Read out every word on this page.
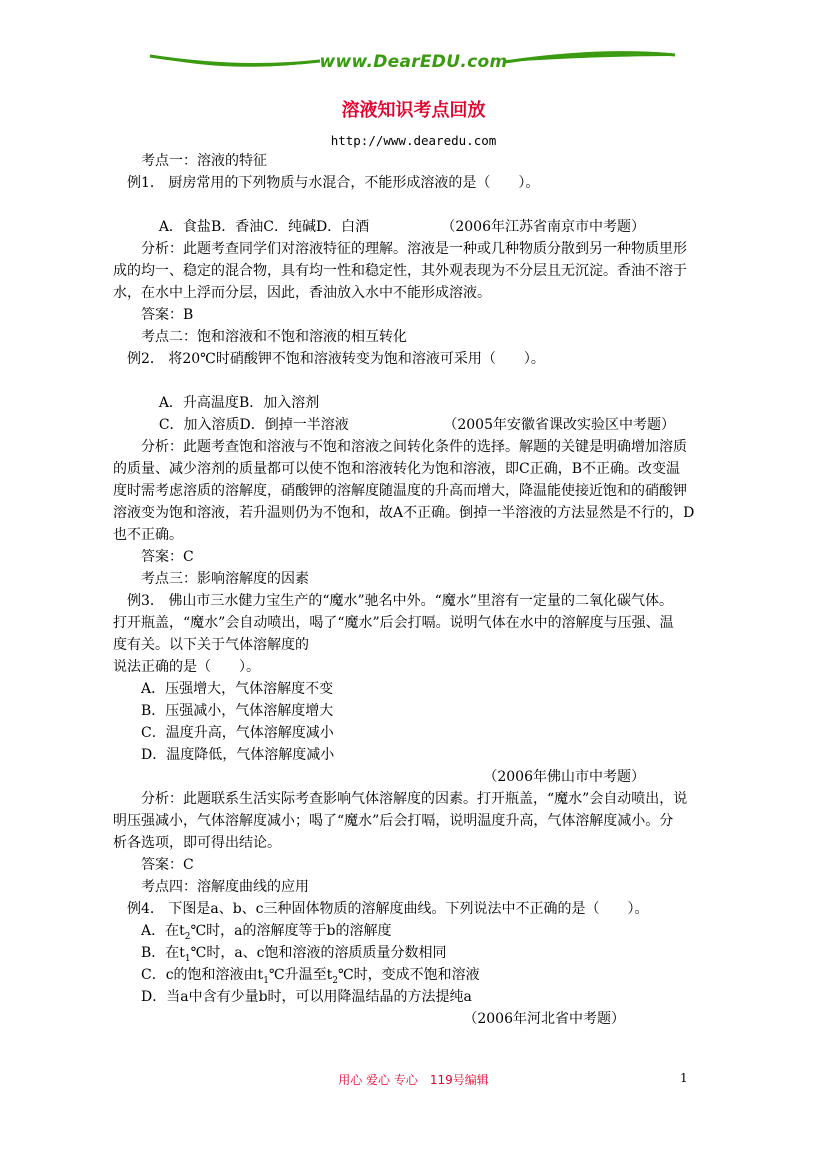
www.DearEDU.com
溶液知识考点回放
http://www.dearedu.com
考点一：溶液的特征
例1． 厨房常用的下列物质与水混合，不能形成溶液的是（　　）。

A．食盐B．香油C．纯碱D．白酒
	（2006年江苏省南京市中考题）
分析：此题考查同学们对溶液特征的理解。溶液是一种或几种物质分散到另一种物质里形
成的均一、稳定的混合物，具有均一性和稳定性，其外观表现为不分层且无沉淀。香油不溶于
水，在水中上浮而分层，因此，香油放入水中不能形成溶液。
答案：B
考点二：饱和溶液和不饱和溶液的相互转化
例2． 将20℃时硝酸钾不饱和溶液转变为饱和溶液可采用（　　）。

A．升高温度B．加入溶剂

C．加入溶质D．倒掉一半溶液
	（2005年安徽省课改实验区中考题）
分析：此题考查饱和溶液与不饱和溶液之间转化条件的选择。解题的关键是明确增加溶质
的质量、减少溶剂的质量都可以使不饱和溶液转化为饱和溶液，即C正确，B不正确。改变温
度时需考虑溶质的溶解度，硝酸钾的溶解度随温度的升高而增大，降温能使接近饱和的硝酸钾
溶液变为饱和溶液，若升温则仍为不饱和，故A不正确。倒掉一半溶液的方法显然是不行的，D
也不正确。
答案：C
考点三：影响溶解度的因素
例3． 佛山市三水健力宝生产的“魔水”驰名中外。“魔水”里溶有一定量的二氧化碳气体。
打开瓶盖，“魔水”会自动喷出，喝了“魔水”后会打嗝。说明气体在水中的溶解度与压强、温
度有关。以下关于气体溶解度的
说法正确的是（　　）。
A．压强增大，气体溶解度不变
B．压强减小，气体溶解度增大
C．温度升高，气体溶解度减小
D．温度降低，气体溶解度减小
（2006年佛山市中考题）
分析：此题联系生活实际考查影响气体溶解度的因素。打开瓶盖，“魔水”会自动喷出，说
明压强减小，气体溶解度减小；喝了“魔水”后会打嗝，说明温度升高，气体溶解度减小。分
析各选项，即可得出结论。
答案：C
考点四：溶解度曲线的应用
例4． 下图是a、b、c三种固体物质的溶解度曲线。下列说法中不正确的是（　　）。
A．在$t_2℃$时，a的溶解度等于b的溶解度
B．在$t_1℃$时，a、c饱和溶液的溶质质量分数相同
C．c的饱和溶液由$t_1℃$升温至$t_2℃$时，变成不饱和溶液
D．当a中含有少量b时，可以用降温结晶的方法提纯a
（2006年河北省中考题）
用心 爱心 专心　119号编辑	1
